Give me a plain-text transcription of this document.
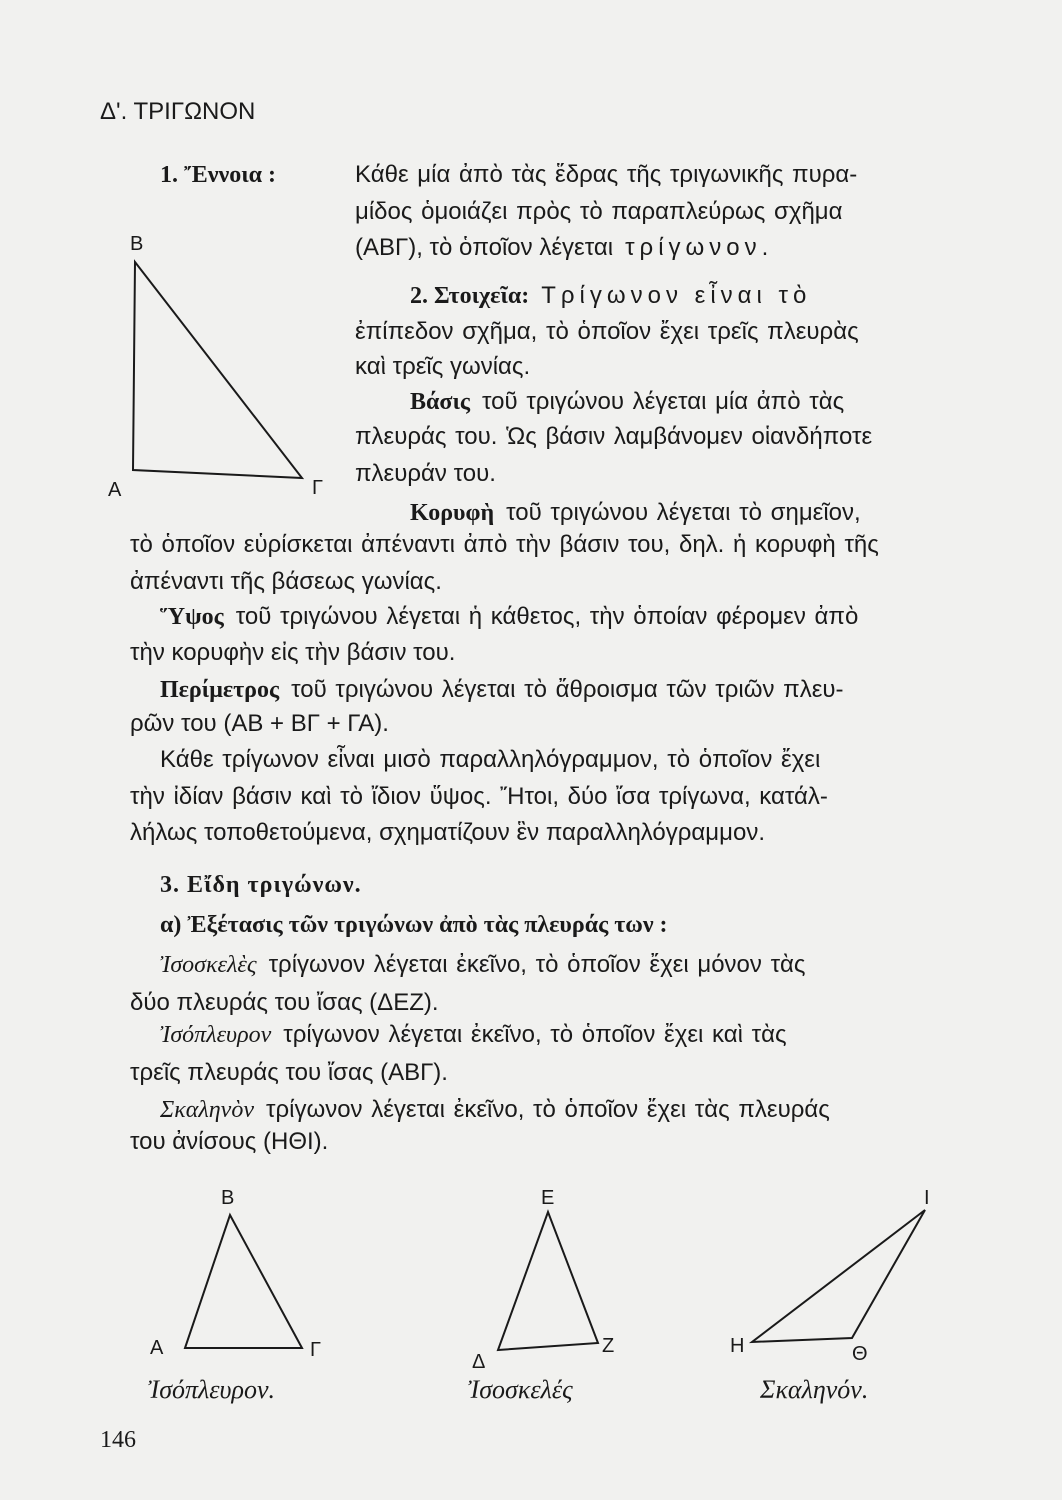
Δ'. ΤΡΙΓΩΝΟΝ
1. Ἔννοια :	Κάθε μία ἀπὸ τὰς ἕδρας τῆς τριγωνικῆς πυρα-
μίδος ὁμοιάζει πρὸς τὸ παραπλεύρως σχῆμα
(ΑΒΓ), τὸ ὁποῖον λέγεται τρίγωνον.
2. Στοιχεῖα: Τρίγωνον εἶναι τὸ
ἐπίπεδον σχῆμα, τὸ ὁποῖον ἔχει τρεῖς πλευρὰς
καὶ τρεῖς γωνίας.
Βάσις τοῦ τριγώνου λέγεται μία ἀπὸ τὰς
πλευράς του. Ὡς βάσιν λαμβάνομεν οἱανδήποτε
πλευράν του.
Κορυφὴ τοῦ τριγώνου λέγεται τὸ σημεῖον,
τὸ ὁποῖον εὑρίσκεται ἀπέναντι ἀπὸ τὴν βάσιν του, δηλ. ἡ κορυφὴ τῆς
ἀπέναντι τῆς βάσεως γωνίας.
Ὕψος τοῦ τριγώνου λέγεται ἡ κάθετος, τὴν ὁποίαν φέρομεν ἀπὸ
τὴν κορυφὴν εἰς τὴν βάσιν του.
Περίμετρος τοῦ τριγώνου λέγεται τὸ ἄθροισμα τῶν τριῶν πλευ-
ρῶν του (ΑΒ + ΒΓ + ΓΑ).
Κάθε τρίγωνον εἶναι μισὸ παραλληλόγραμμον, τὸ ὁποῖον ἔχει
τὴν ἰδίαν βάσιν καὶ τὸ ἴδιον ὕψος. Ἤτοι, δύο ἴσα τρίγωνα, κατάλ-
λήλως τοποθετούμενα, σχηματίζουν ἓν παραλληλόγραμμον.
3. Εἴδη τριγώνων.
α) Ἐξέτασις τῶν τριγώνων ἀπὸ τὰς πλευράς των :
Ἰσοσκελὲς τρίγωνον λέγεται ἐκεῖνο, τὸ ὁποῖον ἔχει μόνον τὰς
δύο πλευράς του ἴσας (ΔΕΖ).
Ἰσόπλευρον τρίγωνον λέγεται ἐκεῖνο, τὸ ὁποῖον ἔχει καὶ τὰς
τρεῖς πλευράς του ἴσας (ΑΒΓ).
Σκαληνὸν τρίγωνον λέγεται ἐκεῖνο, τὸ ὁποῖον ἔχει τὰς πλευράς
του ἀνίσους (ΗΘΙ).
B
A	Γ
B
A	Γ
Ἰσόπλευρον.
E
Δ
Z
Ἰσοσκελές
I
H	Θ
Σκαληνόν.
146
